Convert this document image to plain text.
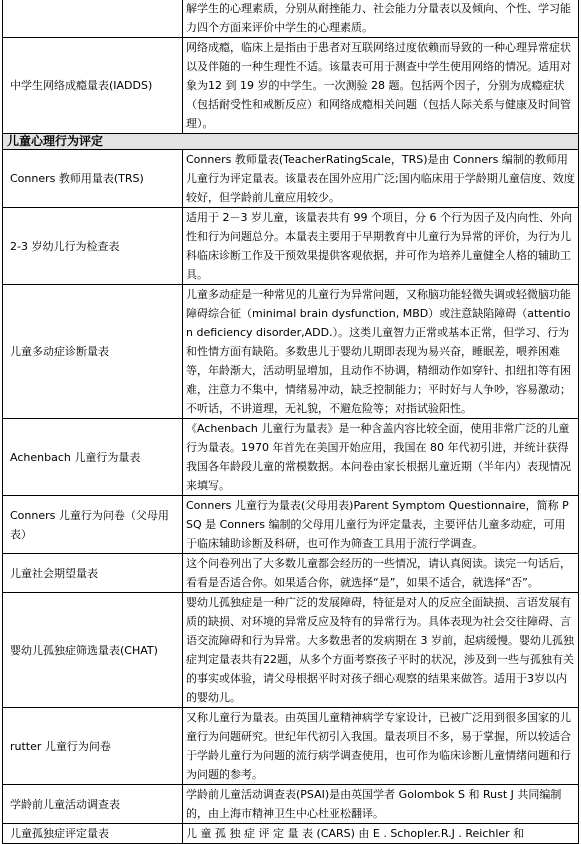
	解学生的心理素质，分别从耐挫能力、社会能力分量表以及倾向、个性、学习能力四个方面来评价中学生的心理素质。
中学生网络成瘾量表(IADDS)	网络成瘾，临床上是指由于患者对互联网络过度依赖而导致的一种心理异常症状以及伴随的一种生理性不适。该量表可用于测查中学生使用网络的情况。适用对象为12 到 19 岁的中学生。一次测验 28 题。包括两个因子，分别为成瘾症状（包括耐受性和戒断反应）和网络成瘾相关问题（包括人际关系与健康及时间管理）。
儿童心理行为评定	
Conners 教师用量表(TRS)	Conners 教师量表(TeacherRatingScale，TRS)是由 Conners 编制的教师用儿童行为评定量表。该量表在国外应用广泛;国内临床用于学龄期儿童信度、效度较好，但学龄前儿童应用较少。
2-3 岁幼儿行为检查表	适用于 2－3 岁儿童，该量表共有 99 个项目，分 6 个行为因子及内向性、外向性和行为问题总分。本量表主要用于早期教育中儿童行为异常的评价，为行为儿科临床诊断工作及干预效果提供客观依据，并可作为培养儿童健全人格的辅助工具。
儿童多动症诊断量表	儿童多动症是一种常见的儿童行为异常问题，又称脑功能轻微失调或轻微脑功能障碍综合征（minimal brain dysfunction, MBD）或注意缺陷障碍（attention deficiency disorder,ADD.）。这类儿童智力正常或基本正常，但学习、行为和性情方面有缺陷。多数患儿于婴幼儿期即表现为易兴奋，睡眠差，喂养困难等，年龄渐大，活动明显增加，且动作不协调，精细动作如穿针、扣纽扣等有困难，注意力不集中，情绪易冲动，缺乏控制能力；平时好与人争吵，容易激动；不听话，不讲道理，无礼貌，不避危险等；对指试验阳性。
Achenbach 儿童行为量表	《Achenbach 儿童行为量表》是一种含盖内容比较全面，使用非常广泛的儿童行为量表。1970 年首先在美国开始应用，我国在 80 年代初引进，并统计获得我国各年龄段儿童的常模数据。本问卷由家长根据儿童近期（半年内）表现情况来填写。
Conners 儿童行为问卷（父母用表）	Conners 儿童行为量表(父母用表)Parent Symptom Questionnaire，简称 PSQ 是 Conners 编制的父母用儿童行为评定量表，主要评估儿童多动症，可用于临床辅助诊断及科研，也可作为筛查工具用于流行学调查。
儿童社会期望量表	这个问卷列出了大多数儿童都会经历的一些情况，请认真阅读。读完一句话后，看看是否适合你。如果适合你，就选择“是”，如果不适合，就选择“否”。
婴幼儿孤独症筛选量表(CHAT)	婴幼儿孤独症是一种广泛的发展障碍，特征是对人的反应全面缺损、言语发展有质的缺损、对环境的异常反应及特有的异常行为。具体表现为社会交往障碍、言语交流障碍和行为异常。大多数患者的发病期在 3 岁前，起病缓慢。婴幼儿孤独症判定量表共有22题，从多个方面考察孩子平时的状况，涉及到一些与孤独有关的事实或体验，请父母根据平时对孩子细心观察的结果来做答。适用于3岁以内的婴幼儿。
rutter 儿童行为问卷	又称儿童行为量表。由英国儿童精神病学专家设计，已被广泛用到很多国家的儿童行为问题研究。世纪年代初引入我国。量表项目不多，易于掌握，所以较适合于学龄儿童行为问题的流行病学调查使用，也可作为临床诊断儿童情绪问题和行为问题的参考。
学龄前儿童活动调查表	学龄前儿童活动调查表(PSAI)是由英国学者 Golombok S 和 Rust J 共同编制的，由上海市精神卫生中心杜亚松翻译。
儿童孤独症评定量表	儿 童 孤 独 症 评 定 量 表 (CARS) 由 E . Schopler.R.J . Reichler 和
